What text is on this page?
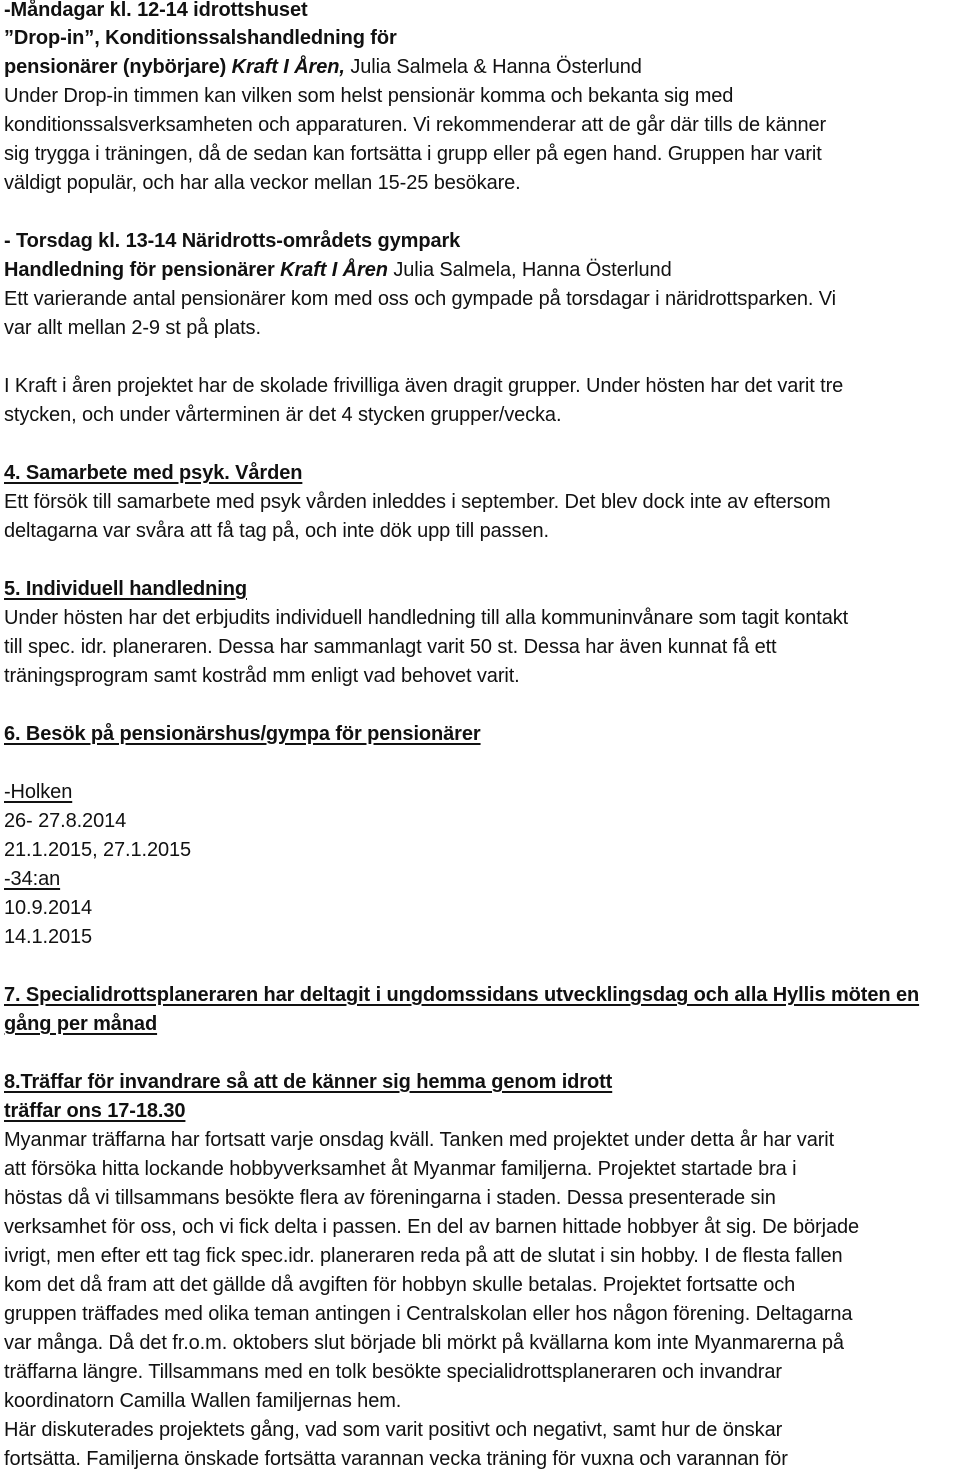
-Måndagar kl. 12-14 idrottshuset
”Drop-in”, Konditionssalshandledning för
pensionärer (nybörjare) Kraft I Åren, Julia Salmela & Hanna Österlund
Under Drop-in timmen kan vilken som helst pensionär komma och bekanta sig med
konditionssalsverksamheten och apparaturen. Vi rekommenderar att de går där tills de känner
sig trygga i träningen, då de sedan kan fortsätta i grupp eller på egen hand. Gruppen har varit
väldigt populär, och har alla veckor mellan 15-25 besökare.
- Torsdag kl. 13-14 Näridrotts-områdets gympark
Handledning för pensionärer Kraft I Åren Julia Salmela, Hanna Österlund
Ett varierande antal pensionärer kom med oss och gympade på torsdagar i näridrottsparken. Vi
var allt mellan 2-9 st på plats.
I Kraft i åren projektet har de skolade frivilliga även dragit grupper. Under hösten har det varit tre
stycken, och under vårterminen är det 4 stycken grupper/vecka.
4. Samarbete med psyk. Vården
Ett försök till samarbete med psyk vården inleddes i september. Det blev dock inte av eftersom
deltagarna var svåra att få tag på, och inte dök upp till passen.
5. Individuell handledning
Under hösten har det erbjudits individuell handledning till alla kommuninvånare som tagit kontakt
till spec. idr. planeraren. Dessa har sammanlagt varit 50 st. Dessa har även kunnat få ett
träningsprogram samt kostråd mm enligt vad behovet varit.
6. Besök på pensionärshus/gympa för pensionärer
-Holken
26- 27.8.2014
21.1.2015, 27.1.2015
-34:an
10.9.2014
14.1.2015
7. Specialidrottsplaneraren har deltagit i ungdomssidans utvecklingsdag och alla Hyllis möten en
gång per månad
8.Träffar för invandrare så att de känner sig hemma genom idrott
träffar ons 17-18.30
Myanmar träffarna har fortsatt varje onsdag kväll. Tanken med projektet under detta år har varit
att försöka hitta lockande hobbyverksamhet åt Myanmar familjerna. Projektet startade bra i
höstas då vi tillsammans besökte flera av föreningarna i staden. Dessa presenterade sin
verksamhet för oss, och vi fick delta i passen. En del av barnen hittade hobbyer åt sig. De började
ivrigt, men efter ett tag fick spec.idr. planeraren reda på att de slutat i sin hobby. I de flesta fallen
kom det då fram att det gällde då avgiften för hobbyn skulle betalas. Projektet fortsatte och
gruppen träffades med olika teman antingen i Centralskolan eller hos någon förening. Deltagarna
var många. Då det fr.o.m. oktobers slut började bli mörkt på kvällarna kom inte Myanmarerna på
träffarna längre. Tillsammans med en tolk besökte specialidrottsplaneraren och invandrar
koordinatorn Camilla Wallen familjernas hem.
Här diskuterades projektets gång, vad som varit positivt och negativt, samt hur de önskar
fortsätta. Familjerna önskade fortsätta varannan vecka träning för vuxna och varannan för
